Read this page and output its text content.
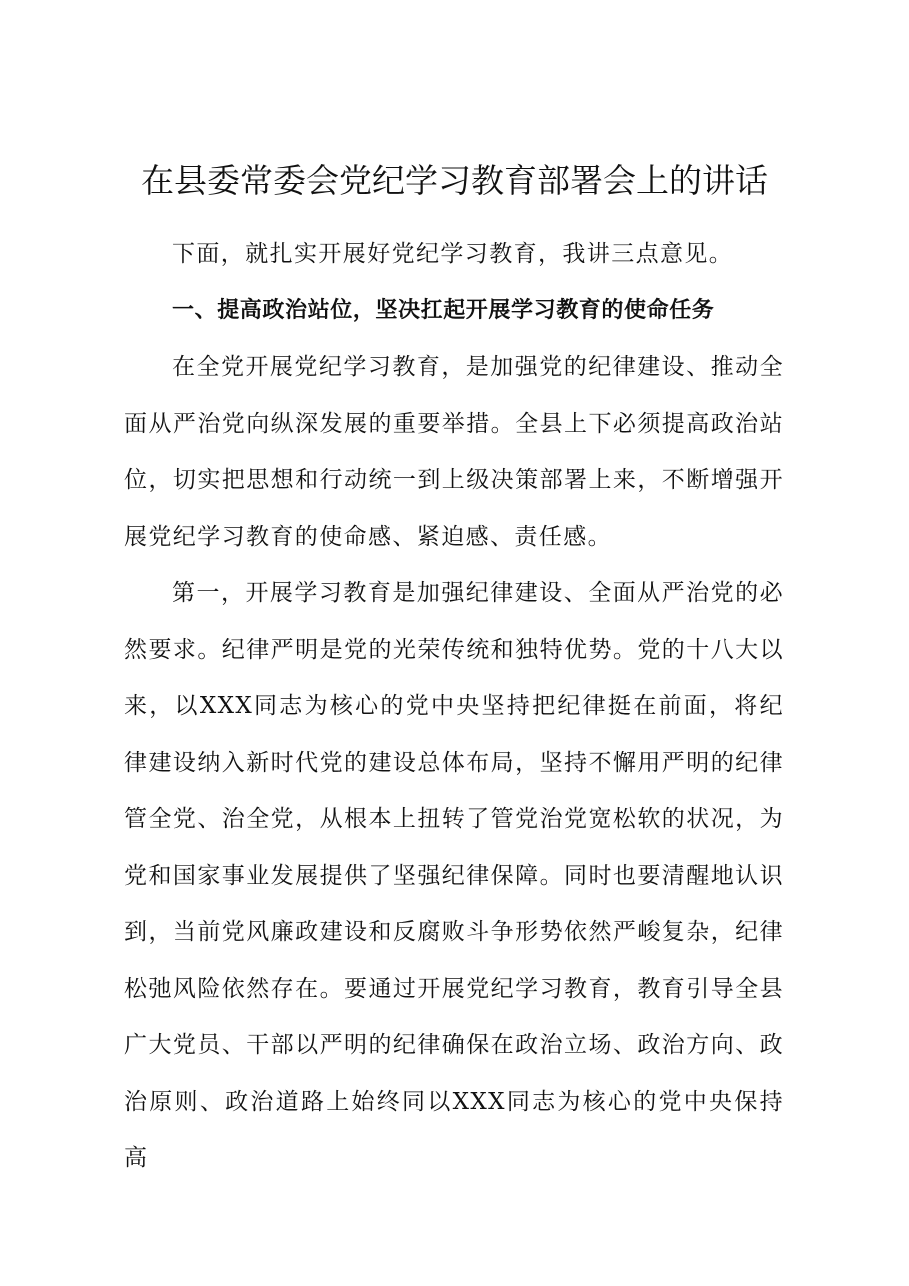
在县委常委会党纪学习教育部署会上的讲话

下面，就扎实开展好党纪学习教育，我讲三点意见。

一、提高政治站位，坚决扛起开展学习教育的使命任务

在全党开展党纪学习教育，是加强党的纪律建设、推动全面从严治党向纵深发展的重要举措。全县上下必须提高政治站位，切实把思想和行动统一到上级决策部署上来，不断增强开展党纪学习教育的使命感、紧迫感、责任感。

第一，开展学习教育是加强纪律建设、全面从严治党的必然要求。纪律严明是党的光荣传统和独特优势。党的十八大以来，以XXX同志为核心的党中央坚持把纪律挺在前面，将纪律建设纳入新时代党的建设总体布局，坚持不懈用严明的纪律管全党、治全党，从根本上扭转了管党治党宽松软的状况，为党和国家事业发展提供了坚强纪律保障。同时也要清醒地认识到，当前党风廉政建设和反腐败斗争形势依然严峻复杂，纪律松弛风险依然存在。要通过开展党纪学习教育，教育引导全县广大党员、干部以严明的纪律确保在政治立场、政治方向、政治原则、政治道路上始终同以XXX同志为核心的党中央保持高
